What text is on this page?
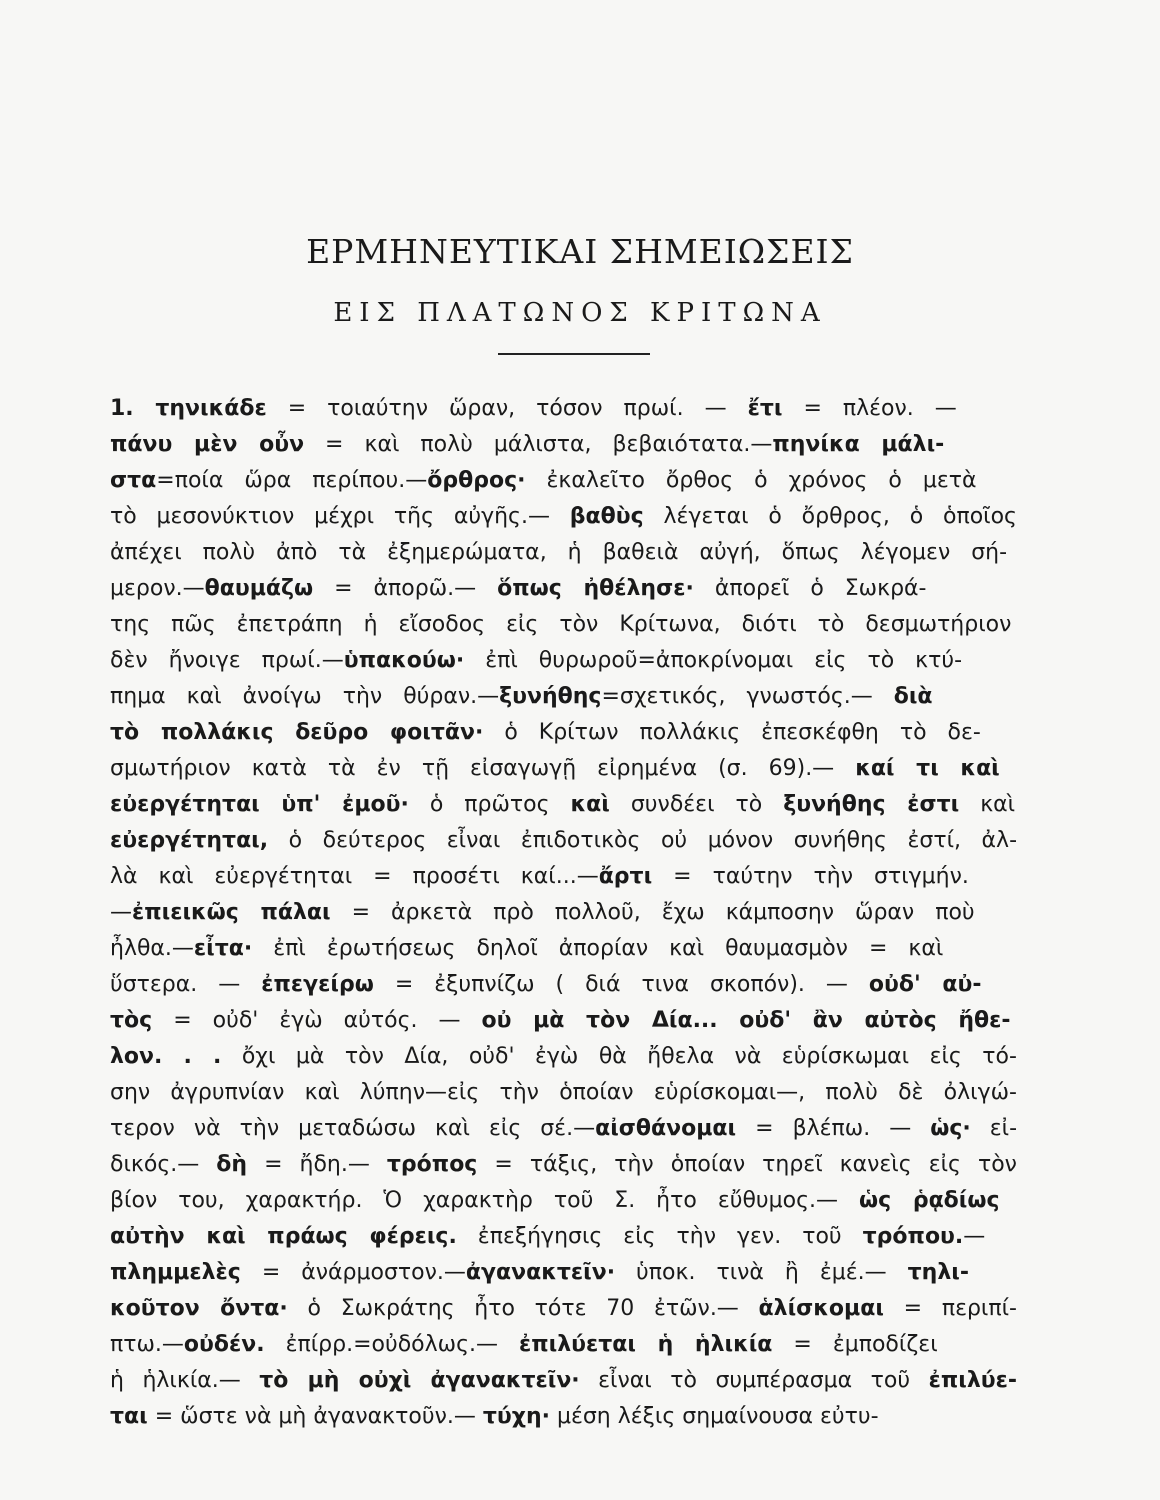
ΕΡΜΗΝΕΥΤΙΚΑΙ ΣΗΜΕΙΩΣΕΙΣ
ΕΙΣ ΠΛΑΤΩΝΟΣ ΚΡΙΤΩΝΑ
1. τηνικάδε = τοιαύτην ὥραν, τόσον πρωί. — ἔτι = πλέον. —
πάνυ μὲν οὖν = καὶ πολὺ μάλιστα, βεβαιότατα.—πηνίκα μάλι-
στα=ποία ὥρα περίπου.—ὄρθρος· ἐκαλεῖτο ὄρθος ὁ χρόνος ὁ μετὰ
τὸ μεσονύκτιον μέχρι τῆς αὐγῆς.— βαθὺς λέγεται ὁ ὄρθρος, ὁ ὁποῖος
ἀπέχει πολὺ ἀπὸ τὰ ἐξημερώματα, ἡ βαθειὰ αὐγή, ὅπως λέγομεν σή-
μερον.—θαυμάζω = ἀπορῶ.— ὅπως ἠθέλησε· ἀπορεῖ ὁ Σωκρά-
της πῶς ἐπετράπη ἡ εἴσοδος εἰς τὸν Κρίτωνα, διότι τὸ δεσμωτήριον
δὲν ἤνοιγε πρωί.—ὑπακούω· ἐπὶ θυρωροῦ=ἀποκρίνομαι εἰς τὸ κτύ-
πημα καὶ ἀνοίγω τὴν θύραν.—ξυνήθης=σχετικός, γνωστός.— διὰ
τὸ πολλάκις δεῦρο φοιτᾶν· ὁ Κρίτων πολλάκις ἐπεσκέφθη τὸ δε-
σμωτήριον κατὰ τὰ ἐν τῇ εἰσαγωγῇ εἰρημένα (σ. 69).— καί τι καὶ
εὐεργέτηται ὑπ' ἐμοῦ· ὁ πρῶτος καὶ συνδέει τὸ ξυνήθης ἐστι καὶ
εὐεργέτηται, ὁ δεύτερος εἶναι ἐπιδοτικὸς οὐ μόνον συνήθης ἐστί, ἀλ-
λὰ καὶ εὐεργέτηται = προσέτι καί...—ἄρτι = ταύτην τὴν στιγμήν.
—ἐπιεικῶς πάλαι = ἀρκετὰ πρὸ πολλοῦ, ἔχω κάμποσην ὥραν ποὺ
ἦλθα.—εἶτα· ἐπὶ ἐρωτήσεως δηλοῖ ἀπορίαν καὶ θαυμασμὸν = καὶ
ὕστερα. — ἐπεγείρω = ἐξυπνίζω ( διά τινα σκοπόν). — οὐδ' αὐ-
τὸς = οὐδ' ἐγὼ αὐτός. — οὐ μὰ τὸν Δία... οὐδ' ἂν αὐτὸς ἤθε-
λον. . . ὄχι μὰ τὸν Δία, οὐδ' ἐγὼ θὰ ἤθελα νὰ εὑρίσκωμαι εἰς τό-
σην ἀγρυπνίαν καὶ λύπην—εἰς τὴν ὁποίαν εὑρίσκομαι—, πολὺ δὲ ὀλιγώ-
τερον νὰ τὴν μεταδώσω καὶ εἰς σέ.—αἰσθάνομαι = βλέπω. — ὡς· εἰ-
δικός.— δὴ = ἤδη.— τρόπος = τάξις, τὴν ὁποίαν τηρεῖ κανεὶς εἰς τὸν
βίον του, χαρακτήρ. Ὁ χαρακτὴρ τοῦ Σ. ἦτο εὔθυμος.— ὡς ῥᾳδίως
αὐτὴν καὶ πράως φέρεις. ἐπεξήγησις εἰς τὴν γεν. τοῦ τρόπου.—
πλημμελὲς = ἀνάρμοστον.—ἀγανακτεῖν· ὑποκ. τινὰ ἢ ἐμέ.— τηλι-
κοῦτον ὄντα· ὁ Σωκράτης ἦτο τότε 70 ἐτῶν.— ἁλίσκομαι = περιπί-
πτω.—οὐδέν. ἐπίρρ.=οὐδόλως.— ἐπιλύεται ἡ ἡλικία = ἐμποδίζει
ἡ ἡλικία.— τὸ μὴ οὐχὶ ἀγανακτεῖν· εἶναι τὸ συμπέρασμα τοῦ ἐπιλύε-
ται = ὥστε νὰ μὴ ἀγανακτοῦν.— τύχη· μέση λέξις σημαίνουσα εὐτυ-
